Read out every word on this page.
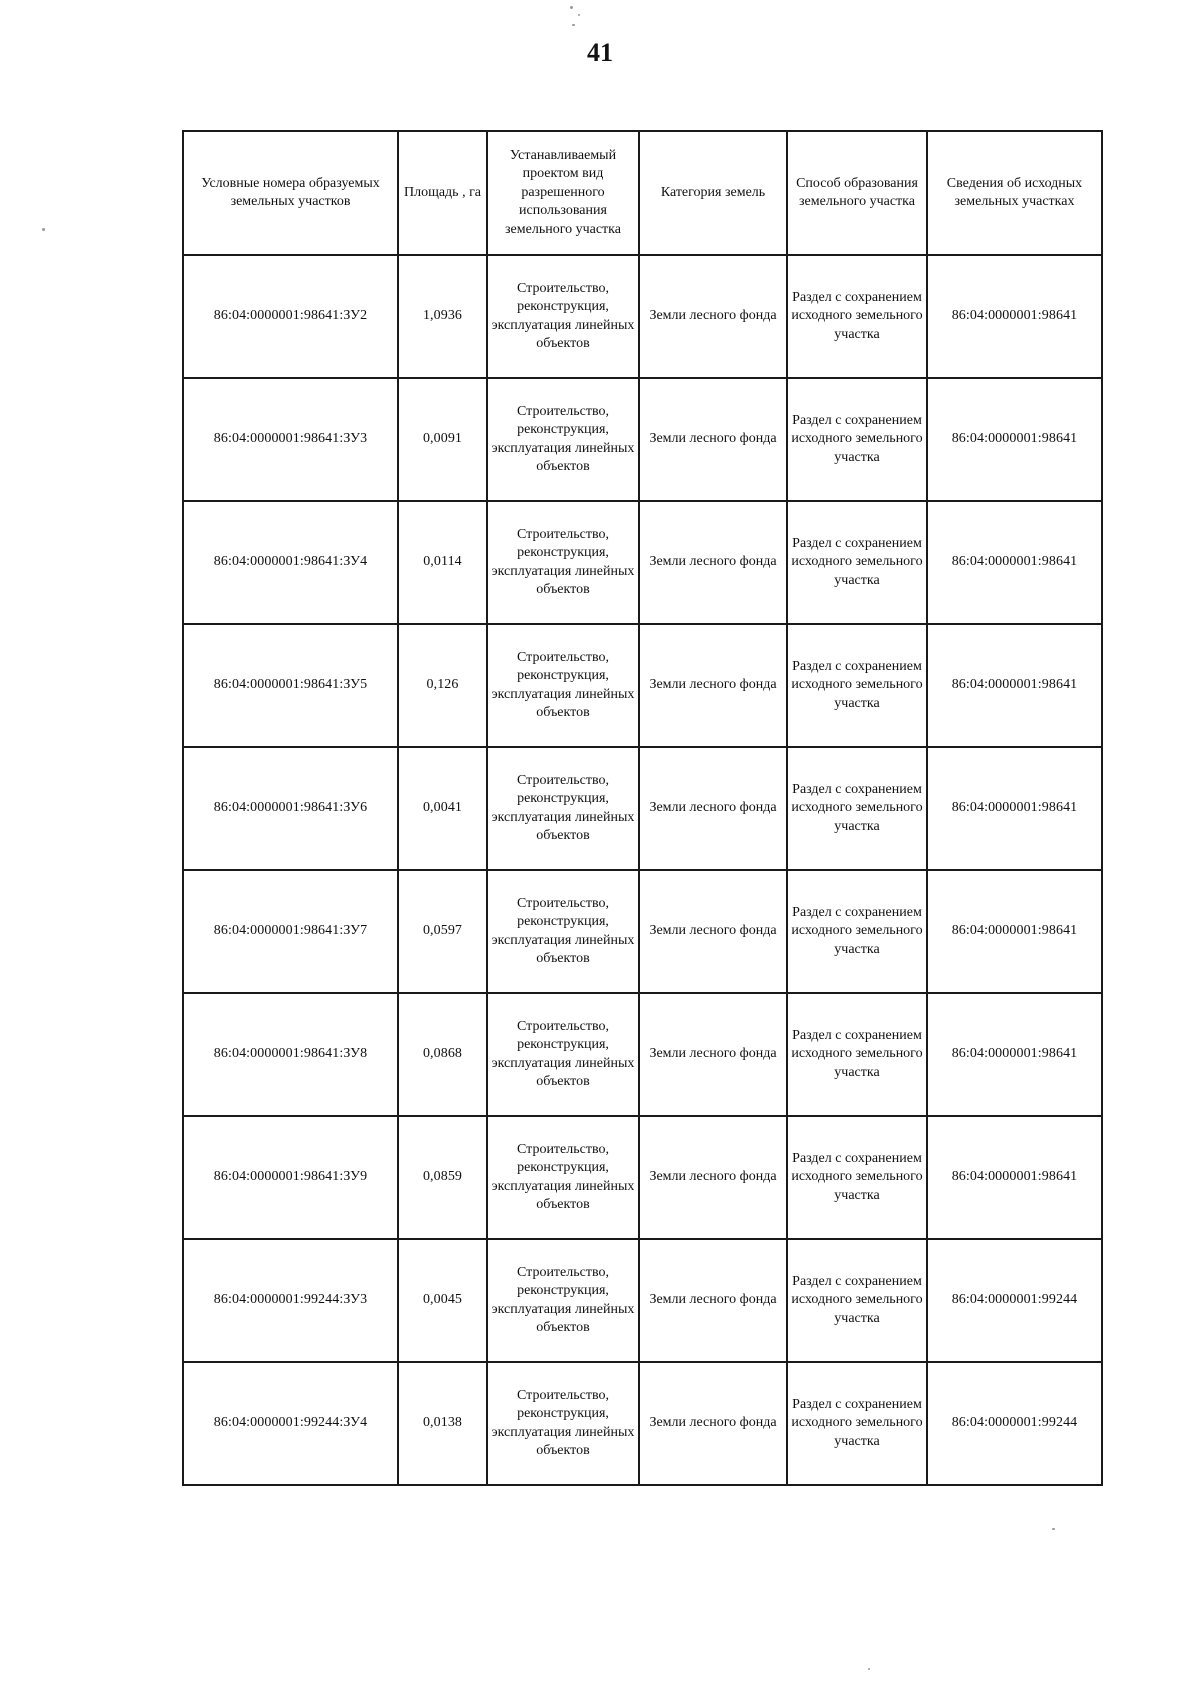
41
Условные номера образуемых земельных участков	Площадь , га	Устанавливаемый проектом вид разрешенного использования земельного участка	Категория земель	Способ образования земельного участка	Сведения об исходных земельных участках
86:04:0000001:98641:ЗУ2	1,0936	Строительство, реконструкция, эксплуатация линейных объектов	Земли лесного фонда	Раздел с сохранением исходного земельного участка	86:04:0000001:98641
86:04:0000001:98641:ЗУ3	0,0091	Строительство, реконструкция, эксплуатация линейных объектов	Земли лесного фонда	Раздел с сохранением исходного земельного участка	86:04:0000001:98641
86:04:0000001:98641:ЗУ4	0,0114	Строительство, реконструкция, эксплуатация линейных объектов	Земли лесного фонда	Раздел с сохранением исходного земельного участка	86:04:0000001:98641
86:04:0000001:98641:ЗУ5	0,126	Строительство, реконструкция, эксплуатация линейных объектов	Земли лесного фонда	Раздел с сохранением исходного земельного участка	86:04:0000001:98641
86:04:0000001:98641:ЗУ6	0,0041	Строительство, реконструкция, эксплуатация линейных объектов	Земли лесного фонда	Раздел с сохранением исходного земельного участка	86:04:0000001:98641
86:04:0000001:98641:ЗУ7	0,0597	Строительство, реконструкция, эксплуатация линейных объектов	Земли лесного фонда	Раздел с сохранением исходного земельного участка	86:04:0000001:98641
86:04:0000001:98641:ЗУ8	0,0868	Строительство, реконструкция, эксплуатация линейных объектов	Земли лесного фонда	Раздел с сохранением исходного земельного участка	86:04:0000001:98641
86:04:0000001:98641:ЗУ9	0,0859	Строительство, реконструкция, эксплуатация линейных объектов	Земли лесного фонда	Раздел с сохранением исходного земельного участка	86:04:0000001:98641
86:04:0000001:99244:ЗУ3	0,0045	Строительство, реконструкция, эксплуатация линейных объектов	Земли лесного фонда	Раздел с сохранением исходного земельного участка	86:04:0000001:99244
86:04:0000001:99244:ЗУ4	0,0138	Строительство, реконструкция, эксплуатация линейных объектов	Земли лесного фонда	Раздел с сохранением исходного земельного участка	86:04:0000001:99244
